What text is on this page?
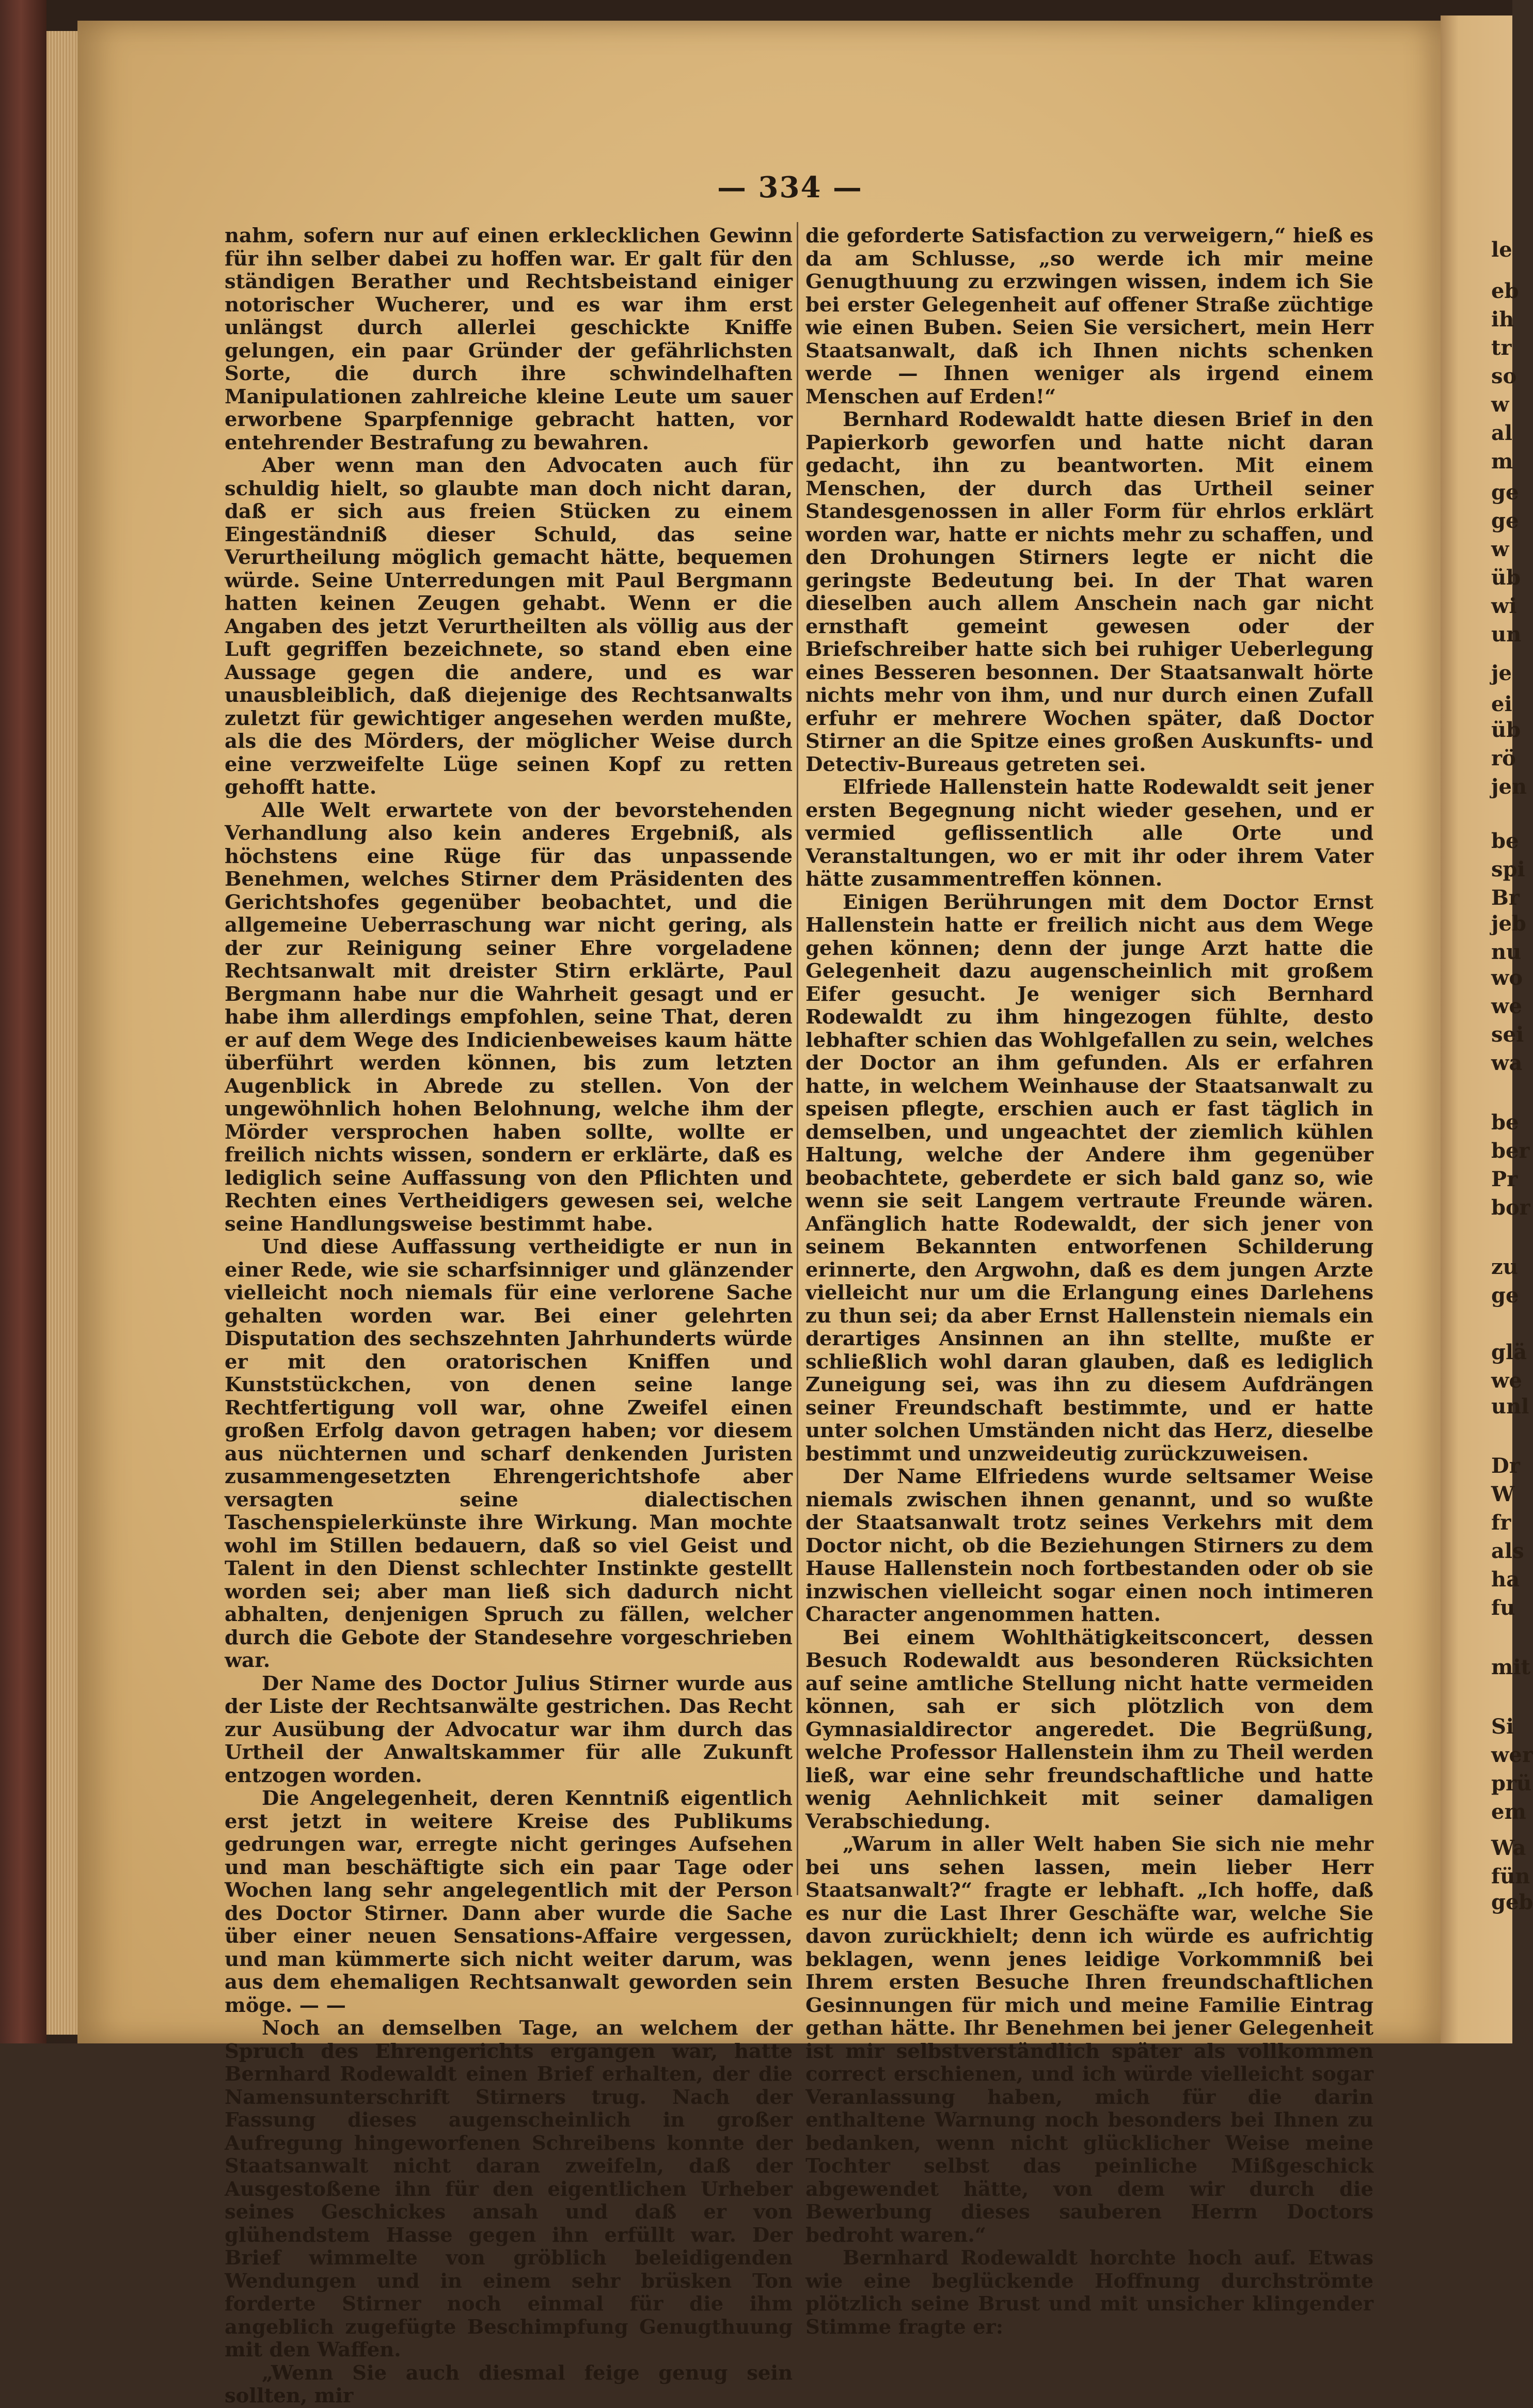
— 334 —

nahm, sofern nur auf einen erklecklichen Gewinn für ihn selber dabei zu hoffen war. Er galt für den ständigen Berather und Rechtsbeistand einiger notorischer Wucherer, und es war ihm erst unlängst durch allerlei geschickte Kniffe gelungen, ein paar Gründer der gefährlichsten Sorte, die durch ihre schwindelhaften Manipulationen zahlreiche kleine Leute um sauer erworbene Sparpfennige gebracht hatten, vor entehrender Bestrafung zu bewahren.

Aber wenn man den Advocaten auch für schuldig hielt, so glaubte man doch nicht daran, daß er sich aus freien Stücken zu einem Eingeständniß dieser Schuld, das seine Verurtheilung möglich gemacht hätte, bequemen würde. Seine Unterredungen mit Paul Bergmann hatten keinen Zeugen gehabt. Wenn er die Angaben des jetzt Verurtheilten als völlig aus der Luft gegriffen bezeichnete, so stand eben eine Aussage gegen die andere, und es war unausbleiblich, daß diejenige des Rechtsanwalts zuletzt für gewichtiger angesehen werden mußte, als die des Mörders, der möglicher Weise durch eine verzweifelte Lüge seinen Kopf zu retten gehofft hatte.

Alle Welt erwartete von der bevorstehenden Verhandlung also kein anderes Ergebniß, als höchstens eine Rüge für das unpassende Benehmen, welches Stirner dem Präsidenten des Gerichtshofes gegenüber beobachtet, und die allgemeine Ueberraschung war nicht gering, als der zur Reinigung seiner Ehre vorgeladene Rechtsanwalt mit dreister Stirn erklärte, Paul Bergmann habe nur die Wahrheit gesagt und er habe ihm allerdings empfohlen, seine That, deren er auf dem Wege des Indicienbeweises kaum hätte überführt werden können, bis zum letzten Augenblick in Abrede zu stellen. Von der ungewöhnlich hohen Belohnung, welche ihm der Mörder versprochen haben sollte, wollte er freilich nichts wissen, sondern er erklärte, daß es lediglich seine Auffassung von den Pflichten und Rechten eines Vertheidigers gewesen sei, welche seine Handlungsweise bestimmt habe.

Und diese Auffassung vertheidigte er nun in einer Rede, wie sie scharfsinniger und glänzender vielleicht noch niemals für eine verlorene Sache gehalten worden war. Bei einer gelehrten Disputation des sechszehnten Jahrhunderts würde er mit den oratorischen Kniffen und Kunststückchen, von denen seine lange Rechtfertigung voll war, ohne Zweifel einen großen Erfolg davon getragen haben; vor diesem aus nüchternen und scharf denkenden Juristen zusammengesetzten Ehrengerichtshofe aber versagten seine dialectischen Taschenspielerkünste ihre Wirkung. Man mochte wohl im Stillen bedauern, daß so viel Geist und Talent in den Dienst schlechter Instinkte gestellt worden sei; aber man ließ sich dadurch nicht abhalten, denjenigen Spruch zu fällen, welcher durch die Gebote der Standesehre vorgeschrieben war.

Der Name des Doctor Julius Stirner wurde aus der Liste der Rechtsanwälte gestrichen. Das Recht zur Ausübung der Advocatur war ihm durch das Urtheil der Anwaltskammer für alle Zukunft entzogen worden.

Die Angelegenheit, deren Kenntniß eigentlich erst jetzt in weitere Kreise des Publikums gedrungen war, erregte nicht geringes Aufsehen und man beschäftigte sich ein paar Tage oder Wochen lang sehr angelegentlich mit der Person des Doctor Stirner. Dann aber wurde die Sache über einer neuen Sensations-Affaire vergessen, und man kümmerte sich nicht weiter darum, was aus dem ehemaligen Rechtsanwalt geworden sein möge. — —

Noch an demselben Tage, an welchem der Spruch des Ehrengerichts ergangen war, hatte Bernhard Rodewaldt einen Brief erhalten, der die Namensunterschrift Stirners trug. Nach der Fassung dieses augenscheinlich in großer Aufregung hingeworfenen Schreibens konnte der Staatsanwalt nicht daran zweifeln, daß der Ausgestoßene ihn für den eigentlichen Urheber seines Geschickes ansah und daß er von glühendstem Hasse gegen ihn erfüllt war. Der Brief wimmelte von gröblich beleidigenden Wendungen und in einem sehr brüsken Ton forderte Stirner noch einmal für die ihm angeblich zugefügte Beschimpfung Genugthuung mit den Waffen.

„Wenn Sie auch diesmal feige genug sein sollten, mir

die geforderte Satisfaction zu verweigern,“ hieß es da am Schlusse, „so werde ich mir meine Genugthuung zu erzwingen wissen, indem ich Sie bei erster Gelegenheit auf offener Straße züchtige wie einen Buben. Seien Sie versichert, mein Herr Staatsanwalt, daß ich Ihnen nichts schenken werde — Ihnen weniger als irgend einem Menschen auf Erden!“

Bernhard Rodewaldt hatte diesen Brief in den Papierkorb geworfen und hatte nicht daran gedacht, ihn zu beantworten. Mit einem Menschen, der durch das Urtheil seiner Standesgenossen in aller Form für ehrlos erklärt worden war, hatte er nichts mehr zu schaffen, und den Drohungen Stirners legte er nicht die geringste Bedeutung bei. In der That waren dieselben auch allem Anschein nach gar nicht ernsthaft gemeint gewesen oder der Briefschreiber hatte sich bei ruhiger Ueberlegung eines Besseren besonnen. Der Staatsanwalt hörte nichts mehr von ihm, und nur durch einen Zufall erfuhr er mehrere Wochen später, daß Doctor Stirner an die Spitze eines großen Auskunfts- und Detectiv-Bureaus getreten sei.

Elfriede Hallenstein hatte Rodewaldt seit jener ersten Begegnung nicht wieder gesehen, und er vermied geflissentlich alle Orte und Veranstaltungen, wo er mit ihr oder ihrem Vater hätte zusammentreffen können.

Einigen Berührungen mit dem Doctor Ernst Hallenstein hatte er freilich nicht aus dem Wege gehen können; denn der junge Arzt hatte die Gelegenheit dazu augenscheinlich mit großem Eifer gesucht. Je weniger sich Bernhard Rodewaldt zu ihm hingezogen fühlte, desto lebhafter schien das Wohlgefallen zu sein, welches der Doctor an ihm gefunden. Als er erfahren hatte, in welchem Weinhause der Staatsanwalt zu speisen pflegte, erschien auch er fast täglich in demselben, und ungeachtet der ziemlich kühlen Haltung, welche der Andere ihm gegenüber beobachtete, geberdete er sich bald ganz so, wie wenn sie seit Langem vertraute Freunde wären. Anfänglich hatte Rodewaldt, der sich jener von seinem Bekannten entworfenen Schilderung erinnerte, den Argwohn, daß es dem jungen Arzte vielleicht nur um die Erlangung eines Darlehens zu thun sei; da aber Ernst Hallenstein niemals ein derartiges Ansinnen an ihn stellte, mußte er schließlich wohl daran glauben, daß es lediglich Zuneigung sei, was ihn zu diesem Aufdrängen seiner Freundschaft bestimmte, und er hatte unter solchen Umständen nicht das Herz, dieselbe bestimmt und unzweideutig zurückzuweisen.

Der Name Elfriedens wurde seltsamer Weise niemals zwischen ihnen genannt, und so wußte der Staatsanwalt trotz seines Verkehrs mit dem Doctor nicht, ob die Beziehungen Stirners zu dem Hause Hallenstein noch fortbestanden oder ob sie inzwischen vielleicht sogar einen noch intimeren Character angenommen hatten.

Bei einem Wohlthätigkeitsconcert, dessen Besuch Rodewaldt aus besonderen Rücksichten auf seine amtliche Stellung nicht hatte vermeiden können, sah er sich plötzlich von dem Gymnasialdirector angeredet. Die Begrüßung, welche Professor Hallenstein ihm zu Theil werden ließ, war eine sehr freundschaftliche und hatte wenig Aehnlichkeit mit seiner damaligen Verabschiedung.

„Warum in aller Welt haben Sie sich nie mehr bei uns sehen lassen, mein lieber Herr Staatsanwalt?“ fragte er lebhaft. „Ich hoffe, daß es nur die Last Ihrer Geschäfte war, welche Sie davon zurückhielt; denn ich würde es aufrichtig beklagen, wenn jenes leidige Vorkommniß bei Ihrem ersten Besuche Ihren freundschaftlichen Gesinnungen für mich und meine Familie Eintrag gethan hätte. Ihr Benehmen bei jener Gelegenheit ist mir selbstverständlich später als vollkommen correct erschienen, und ich würde vielleicht sogar Veranlassung haben, mich für die darin enthaltene Warnung noch besonders bei Ihnen zu bedanken, wenn nicht glücklicher Weise meine Tochter selbst das peinliche Mißgeschick abgewendet hätte, von dem wir durch die Bewerbung dieses sauberen Herrn Doctors bedroht waren.“

Bernhard Rodewaldt horchte hoch auf. Etwas wie eine beglückende Hoffnung durchströmte plötzlich seine Brust und mit unsicher klingender Stimme fragte er:

le
eb
ih
tr
so
w
al
m
ge
ge
w
üb
wi
un
je
ei
üb
rö
jen
be
spi
Br
jeb
nu
wo
we
sei
wa
be
ber
Pr
bor
zu
ge
glä
we
unl
Dr
W
fr
als
ha
fu
mit
Si
wer
prü
em
Wa
fün
geb
